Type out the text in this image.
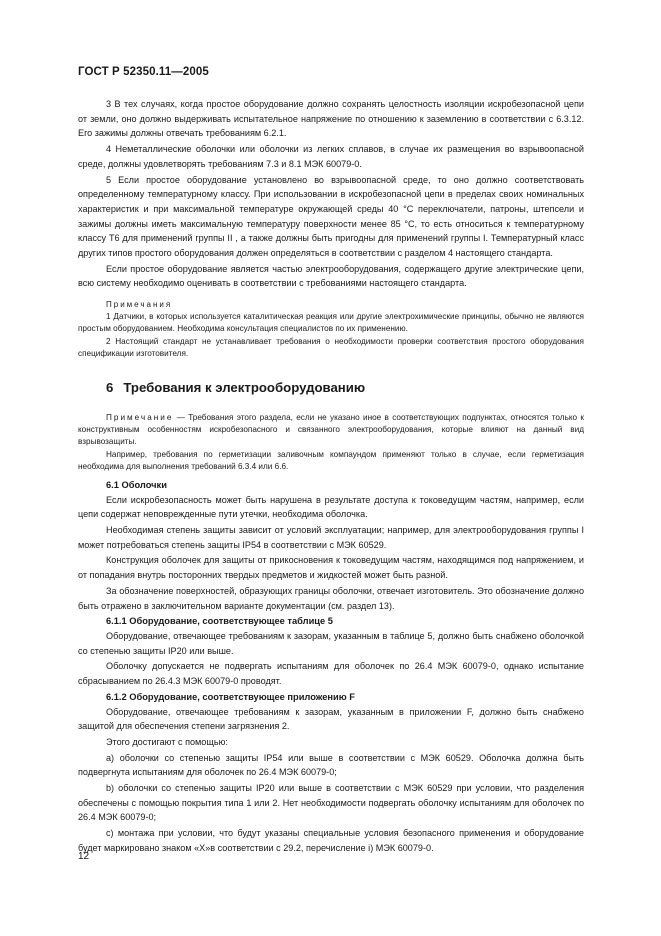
ГОСТ Р 52350.11—2005

3 В тех случаях, когда простое оборудование должно сохранять целостность изоляции искробезопасной цепи от земли, оно должно выдерживать испытательное напряжение по отношению к заземлению в соответствии с 6.3.12. Его зажимы должны отвечать требованиям 6.2.1.

4 Неметаллические оболочки или оболочки из легких сплавов, в случае их размещения во взрывоопасной среде, должны удовлетворять требованиям 7.3 и 8.1 МЭК 60079-0.

5 Если простое оборудование установлено во взрывоопасной среде, то оно должно соответствовать определенному температурному классу. При использовании в искробезопасной цепи в пределах своих номинальных характеристик и при максимальной температуре окружающей среды 40 °С переключатели, патроны, штепсели и зажимы должны иметь максимальную температуру поверхности менее 85 °С, то есть относиться к температурному классу Т6 для применений группы II , а также должны быть пригодны для применений группы I. Температурный класс других типов простого оборудования должен определяться в соответствии с разделом 4 настоящего стандарта.

Если простое оборудование является частью электрооборудования, содержащего другие электрические цепи, всю систему необходимо оценивать в соответствии с требованиями настоящего стандарта.

Примечания

1 Датчики, в которых используется каталитическая реакция или другие электрохимические принципы, обычно не являются простым оборудованием. Необходима консультация специалистов по их применению.

2 Настоящий стандарт не устанавливает требования о необходимости проверки соответствия простого оборудования спецификации изготовителя.

6 Требования к электрооборудованию

Примечание — Требования этого раздела, если не указано иное в соответствующих подпунктах, относятся только к конструктивным особенностям искробезопасного и связанного электрооборудования, которые влияют на данный вид взрывозащиты.

Например, требования по герметизации заливочным компаундом применяют только в случае, если герметизация необходима для выполнения требований 6.3.4 или 6.6.

6.1 Оболочки

Если искробезопасность может быть нарушена в результате доступа к токоведущим частям, например, если цепи содержат неповрежденные пути утечки, необходима оболочка.

Необходимая степень защиты зависит от условий эксплуатации; например, для электрооборудования группы I может потребоваться степень защиты IP54 в соответствии с МЭК 60529.

Конструкция оболочек для защиты от прикосновения к токоведущим частям, находящимся под напряжением, и от попадания внутрь посторонних твердых предметов и жидкостей может быть разной.

За обозначение поверхностей, образующих границы оболочки, отвечает изготовитель. Это обозначение должно быть отражено в заключительном варианте документации (см. раздел 13).

6.1.1 Оборудование, соответствующее таблице 5

Оборудование, отвечающее требованиям к зазорам, указанным в таблице 5, должно быть снабжено оболочкой со степенью защиты IP20 или выше.

Оболочку допускается не подвергать испытаниям для оболочек по 26.4 МЭК 60079-0, однако испытание сбрасыванием по 26.4.3 МЭК 60079-0 проводят.

6.1.2 Оборудование, соответствующее приложению F

Оборудование, отвечающее требованиям к зазорам, указанным в приложении F, должно быть снабжено защитой для обеспечения степени загрязнения 2.

Этого достигают с помощью:

a) оболочки со степенью защиты IP54 или выше в соответствии с МЭК 60529. Оболочка должна быть подвергнута испытаниям для оболочек по 26.4 МЭК 60079-0;

b) оболочки со степенью защиты IP20 или выше в соответствии с МЭК 60529 при условии, что разделения обеспечены с помощью покрытия типа 1 или 2. Нет необходимости подвергать оболочку испытаниям для оболочек по 26.4 МЭК 60079-0;

c) монтажа при условии, что будут указаны специальные условия безопасного применения и оборудование будет маркировано знаком «Х»в соответствии с 29.2, перечисление i) МЭК 60079-0.

12
